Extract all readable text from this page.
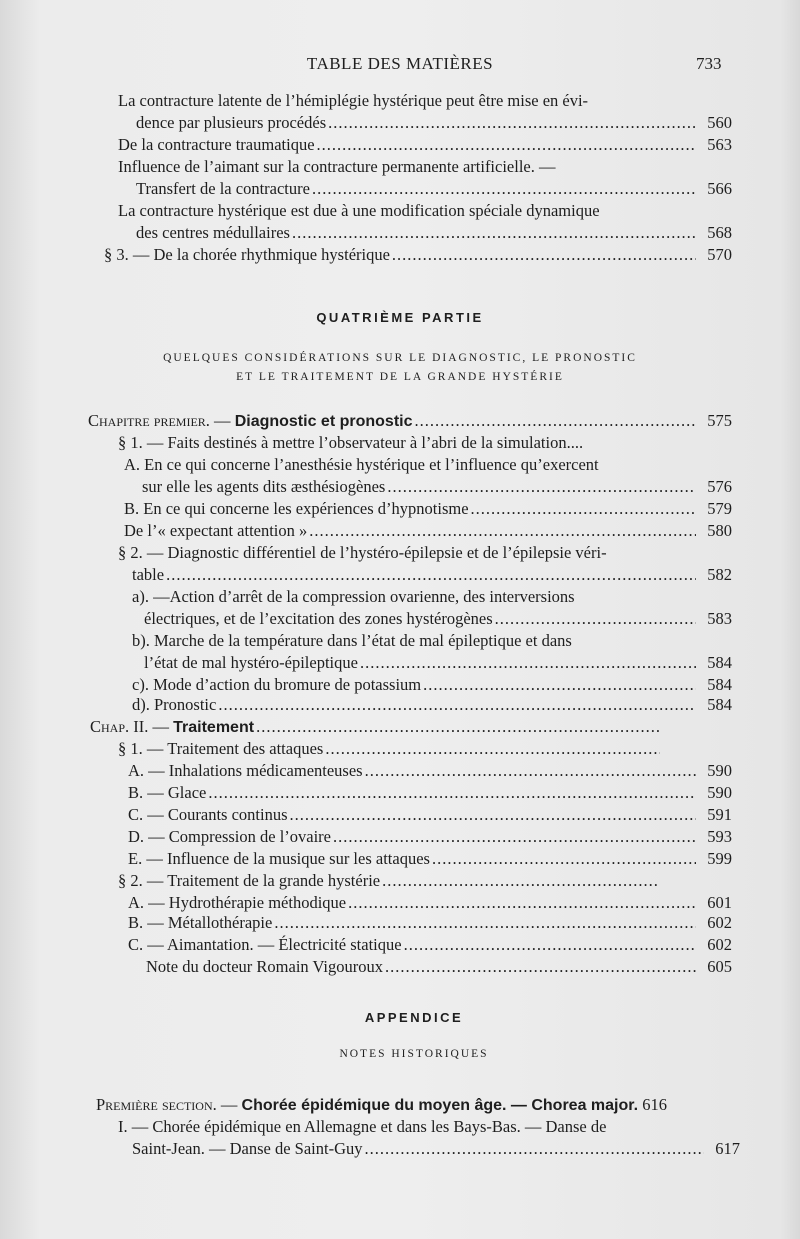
TABLE DES MATIÈRES	733
La contracture latente de l’hémiplégie hystérique peut être mise en évi-
dence par plusieurs procédés .....	560
De la contracture traumatique .....	563
Influence de l’aimant sur la contracture permanente artificielle. —
Transfert de la contracture .....	566
La contracture hystérique est due à une modification spéciale dynamique
des centres médullaires .....	568
§ 3. — De la chorée rhythmique hystérique .....	570
QUATRIÈME PARTIE
QUELQUES CONSIDÉRATIONS SUR LE DIAGNOSTIC, LE PRONOSTIC
ET LE TRAITEMENT DE LA GRANDE HYSTÉRIE
Chapitre premier. — Diagnostic et pronostic .....	575
§ 1. — Faits destinés à mettre l’observateur à l’abri de la simulation....
A. En ce qui concerne l’anesthésie hystérique et l’influence qu’exercent
sur elle les agents dits æsthésiogènes .....	576
B. En ce qui concerne les expériences d’hypnotisme .....	579
De l’« expectant attention » .....	580
§ 2. — Diagnostic différentiel de l’hystéro-épilepsie et de l’épilepsie véri-
table .....	582
a). —Action d’arrêt de la compression ovarienne, des interversions
électriques, et de l’excitation des zones hystérogènes .....	583
b). Marche de la température dans l’état de mal épileptique et dans
l’état de mal hystéro-épileptique .....	584
c). Mode d’action du bromure de potassium .....	584
d). Pronostic .....	584
Chap. II. — Traitement
.....
§ 1. — Traitement des attaques
.....
A. — Inhalations médicamenteuses .....	590
B. — Glace .....	590
C. — Courants continus .....	591
D. — Compression de l’ovaire .....	593
E. — Influence de la musique sur les attaques .....	599
§ 2. — Traitement de la grande hystérie
.....
A. — Hydrothérapie méthodique .....	601
B. — Métallothérapie .....	602
C. — Aimantation. — Électricité statique .....	602
Note du docteur Romain Vigouroux .....	605
APPENDICE
NOTES HISTORIQUES
Première section. — Chorée épidémique du moyen âge. — Chorea major. 616
I. — Chorée épidémique en Allemagne et dans les Bays-Bas. — Danse de
Saint-Jean. — Danse de Saint-Guy .....	617
